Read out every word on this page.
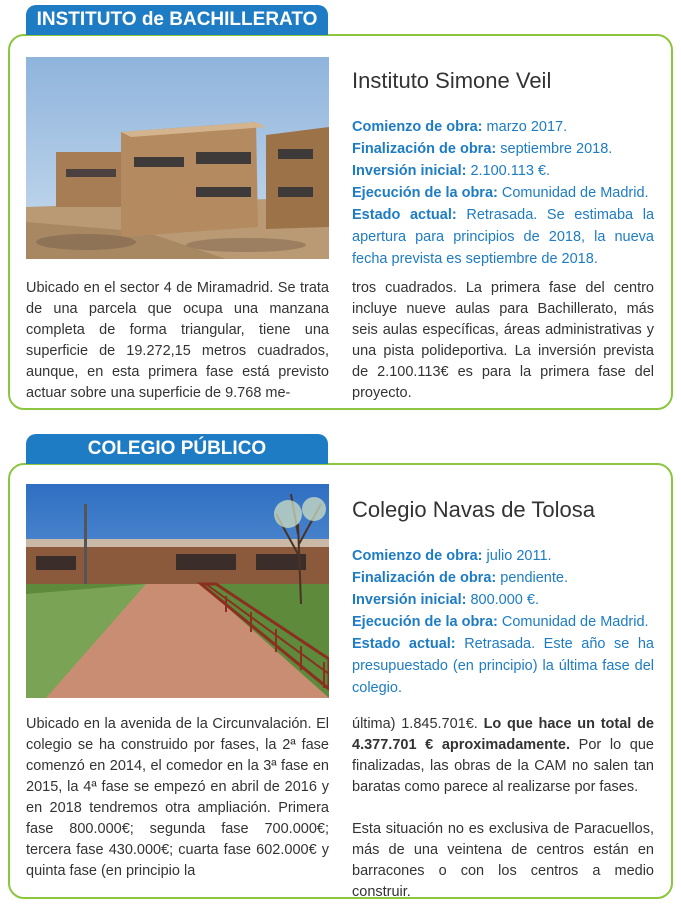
INSTITUTO de BACHILLERATO
Instituto Simone Veil

Comienzo de obra: marzo 2017.

Finalización de obra: septiembre 2018.

Inversión inicial: 2.100.113 €.

Ejecución de la obra: Comunidad de Madrid.

Estado actual: Retrasada. Se estimaba la apertura para principios de 2018, la nueva fecha prevista es septiembre de 2018.

Ubicado en el sector 4 de Miramadrid. Se trata de una parcela que ocupa una manzana completa de forma triangular, tiene una superficie de 19.272,15 metros cuadrados, aunque, en esta primera fase está previsto actuar sobre una superficie de 9.768 me-

tros cuadrados. La primera fase del centro incluye nueve aulas para Bachillerato, más seis aulas específicas, áreas administrativas y una pista polideportiva. La inversión prevista de 2.100.113€ es para la primera fase del proyecto.

COLEGIO PÚBLICO
Colegio Navas de Tolosa

Comienzo de obra: julio 2011.

Finalización de obra: pendiente.

Inversión inicial: 800.000 €.

Ejecución de la obra: Comunidad de Madrid.

Estado actual: Retrasada. Este año se ha presupuestado (en principio) la última fase del colegio.

Ubicado en la avenida de la Circunvalación. El colegio se ha construido por fases, la 2ª fase comenzó en 2014, el comedor en la 3ª fase en 2015, la 4ª fase se empezó en abril de 2016 y en 2018 tendremos otra ampliación. Primera fase 800.000€; segunda fase 700.000€; tercera fase 430.000€; cuarta fase 602.000€ y quinta fase (en principio la

última) 1.845.701€. Lo que hace un total de 4.377.701 € aproximadamente. Por lo que finalizadas, las obras de la CAM no salen tan baratas como parece al realizarse por fases.

Esta situación no es exclusiva de Paracuellos, más de una veintena de centros están en barracones o con los centros a medio construir.
